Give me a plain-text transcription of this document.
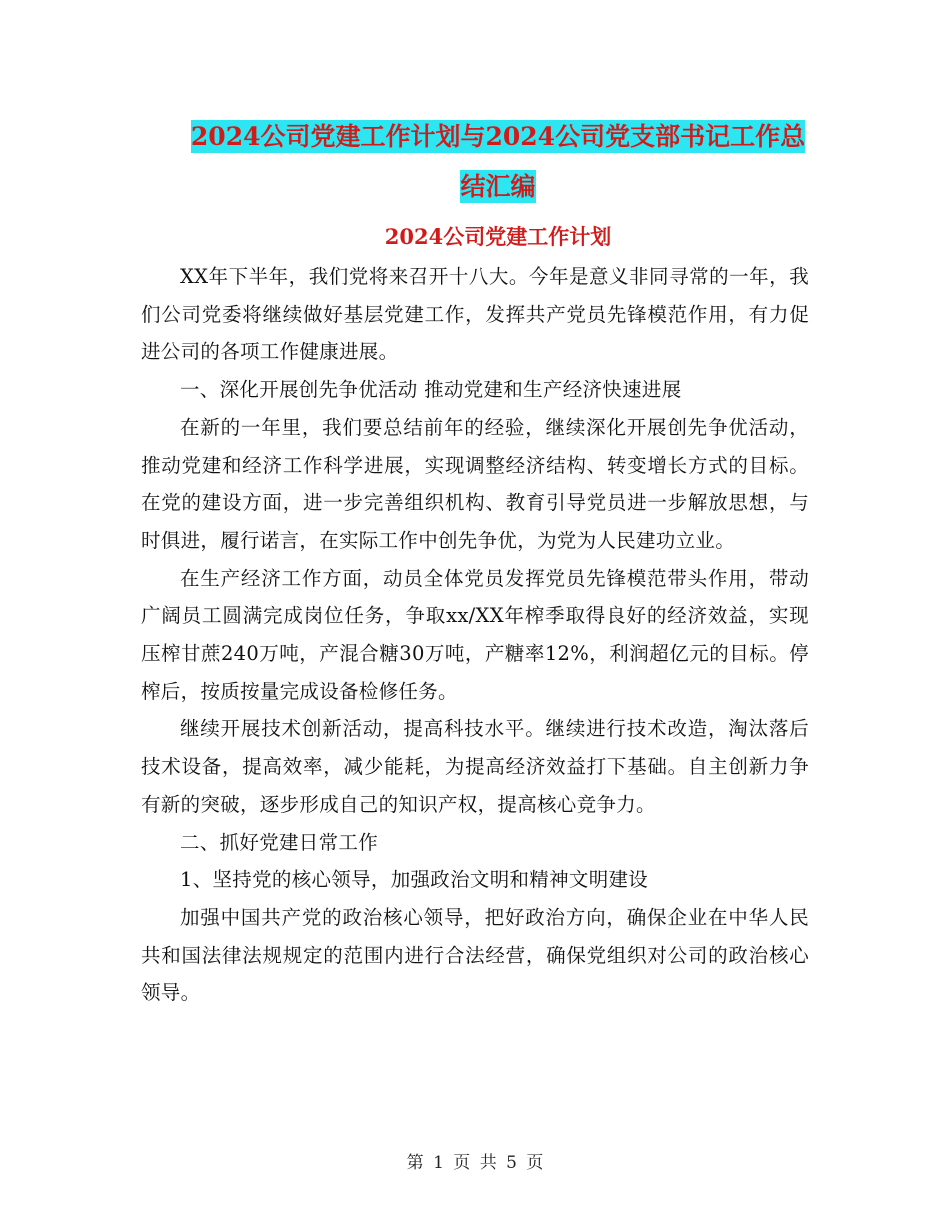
2024公司党建工作计划与2024公司党支部书记工作总
结汇编
2024公司党建工作计划

XX年下半年，我们党将来召开十八大。今年是意义非同寻常的一年，我们公司党委将继续做好基层党建工作，发挥共产党员先锋模范作用，有力促进公司的各项工作健康进展。

一、深化开展创先争优活动 推动党建和生产经济快速进展

在新的一年里，我们要总结前年的经验，继续深化开展创先争优活动，推动党建和经济工作科学进展，实现调整经济结构、转变增长方式的目标。在党的建设方面，进一步完善组织机构、教育引导党员进一步解放思想，与时俱进，履行诺言，在实际工作中创先争优，为党为人民建功立业。

在生产经济工作方面，动员全体党员发挥党员先锋模范带头作用，带动广阔员工圆满完成岗位任务，争取xx/XX年榨季取得良好的经济效益，实现压榨甘蔗240万吨，产混合糖30万吨，产糖率12%，利润超亿元的目标。停榨后，按质按量完成设备检修任务。

继续开展技术创新活动，提高科技水平。继续进行技术改造，淘汰落后技术设备，提高效率，减少能耗，为提高经济效益打下基础。自主创新力争有新的突破，逐步形成自己的知识产权，提高核心竞争力。

二、抓好党建日常工作

1、坚持党的核心领导，加强政治文明和精神文明建设

加强中国共产党的政治核心领导，把好政治方向，确保企业在中华人民共和国法律法规规定的范围内进行合法经营，确保党组织对公司的政治核心领导。

第 1 页 共 5 页
